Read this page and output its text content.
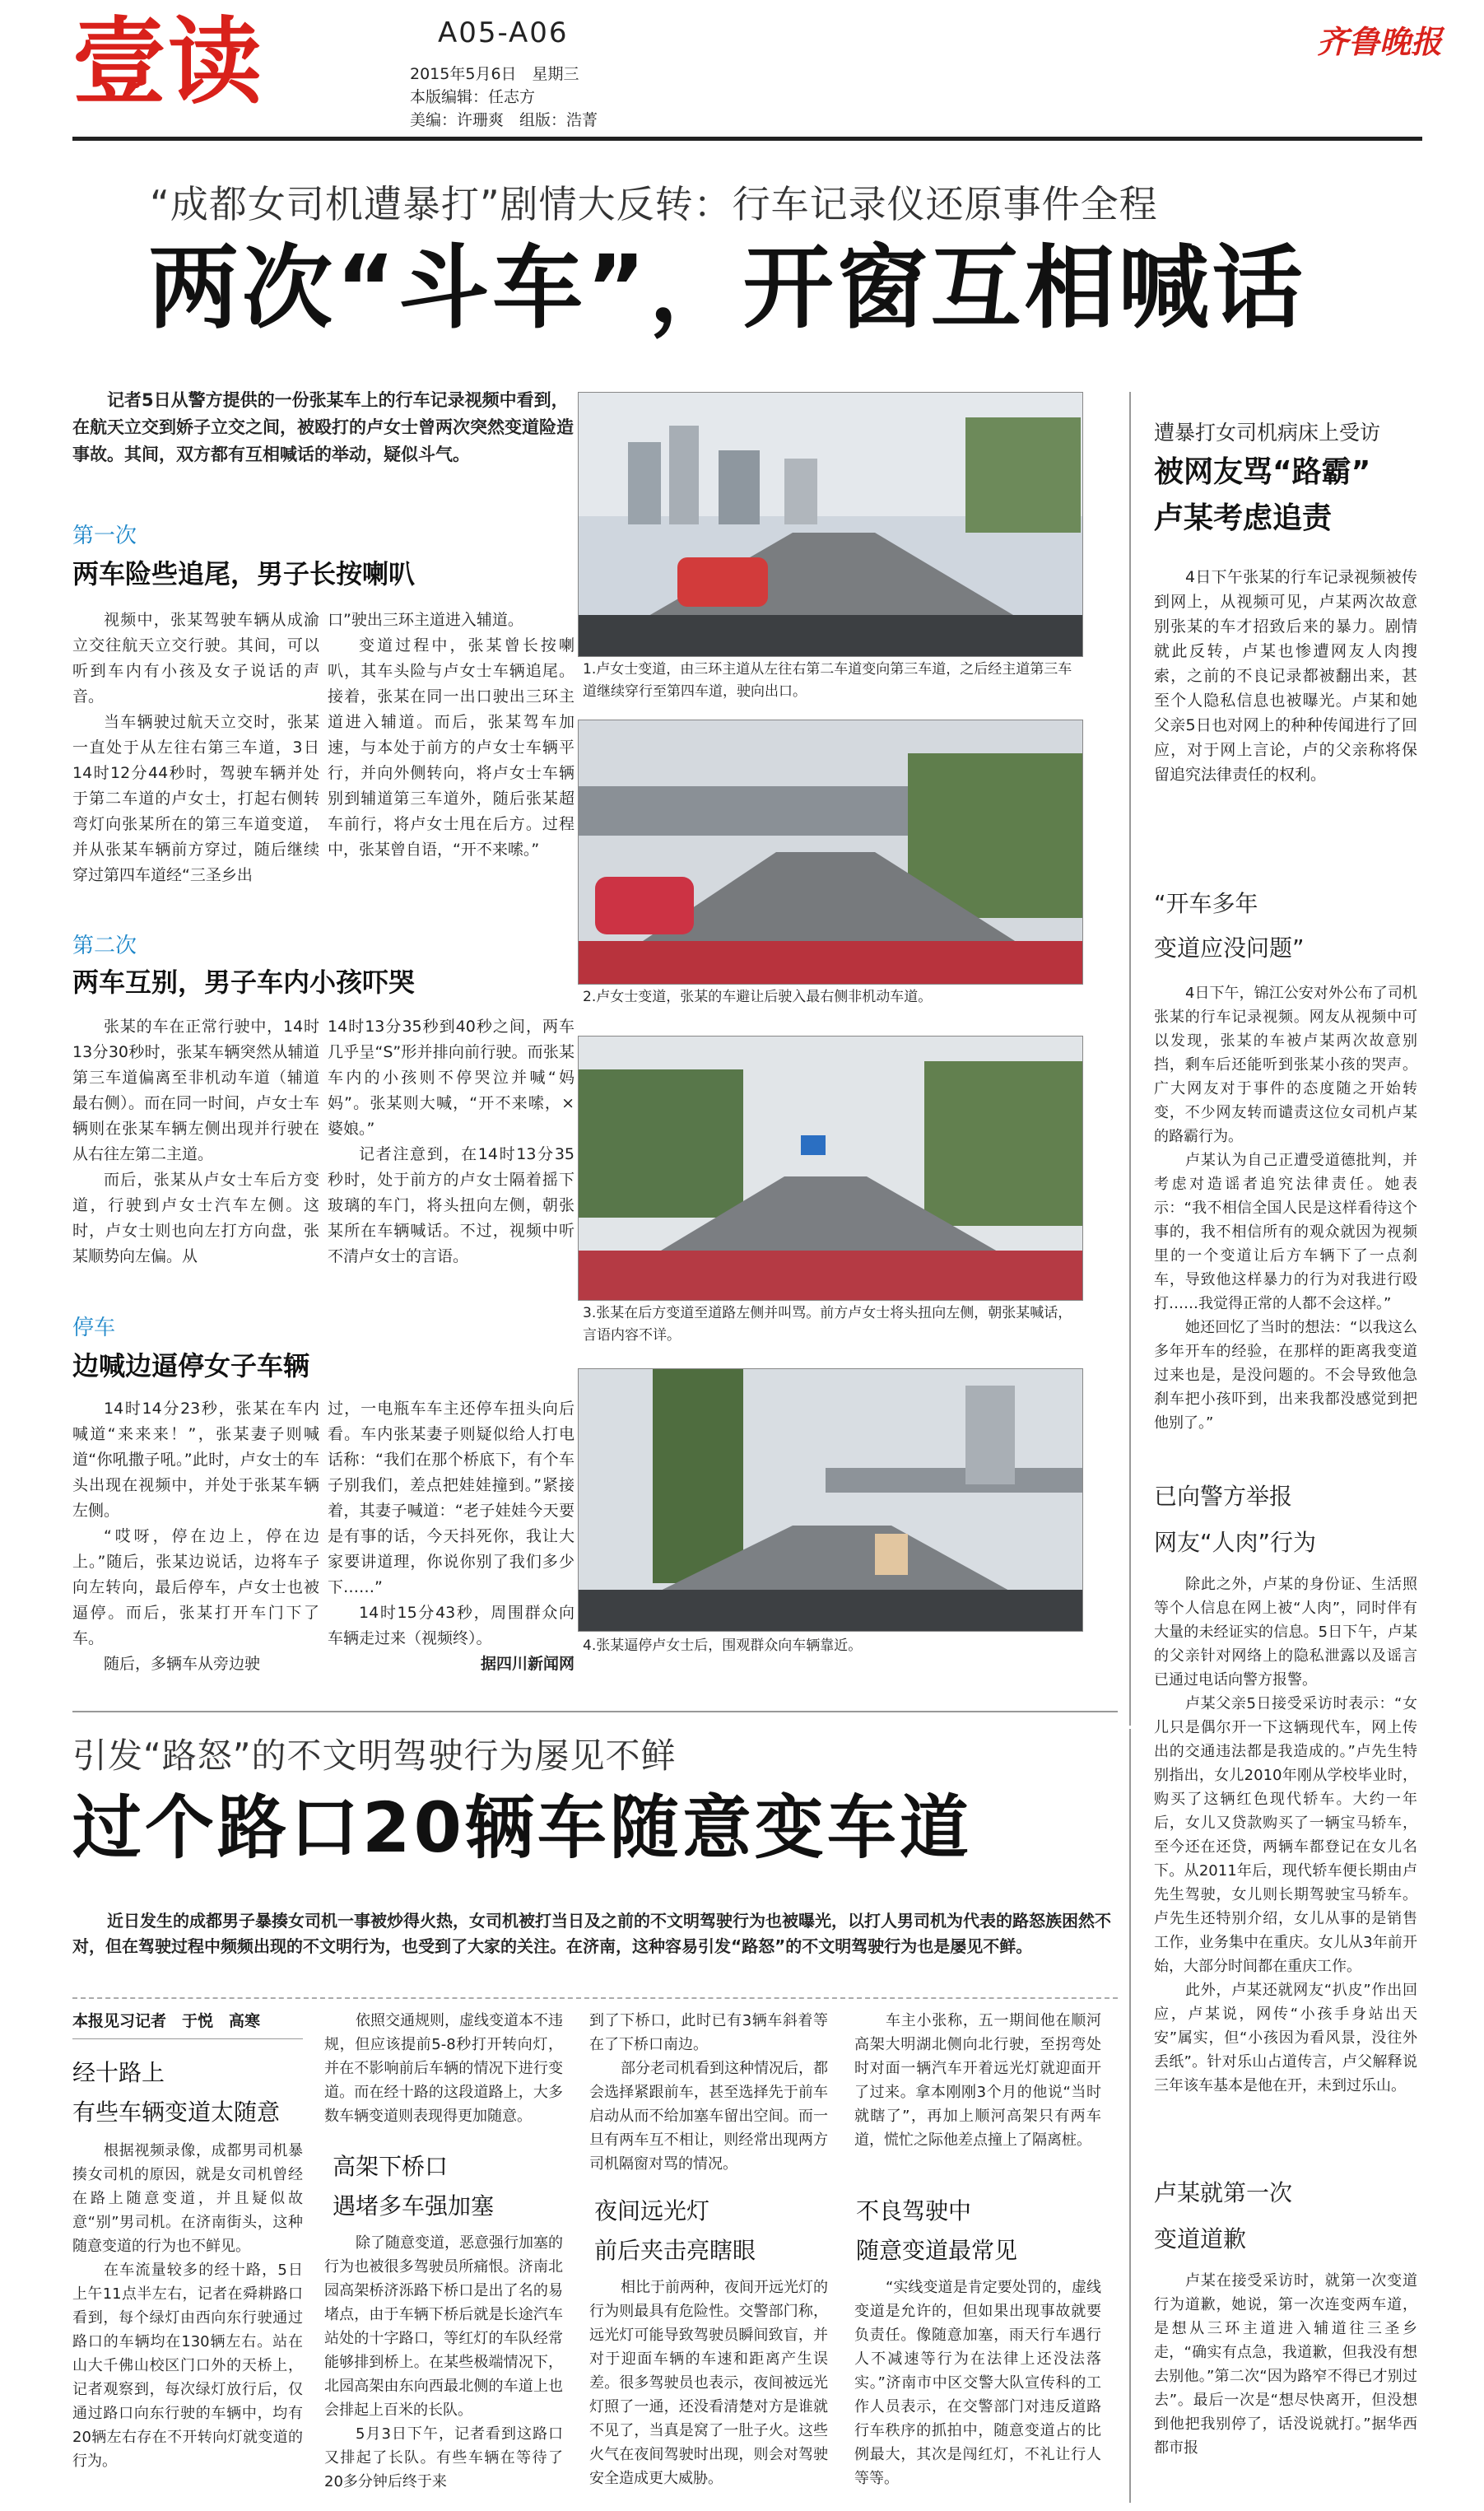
壹读	A05-A06
2015年5月6日　星期三
本版编辑：任志方
美编：许珊爽　组版：浩菁
齐鲁晚报
“成都女司机遭暴打”剧情大反转：行车记录仪还原事件全程
两次“斗车”，开窗互相喊话
记者5日从警方提供的一份张某车上的行车记录视频中看到，在航天立交到娇子立交之间，被殴打的卢女士曾两次突然变道险造事故。其间，双方都有互相喊话的举动，疑似斗气。
第一次
两车险些追尾，男子长按喇叭

视频中，张某驾驶车辆从成渝立交往航天立交行驶。其间，可以听到车内有小孩及女子说话的声音。

当车辆驶过航天立交时，张某一直处于从左往右第三车道，3日14时12分44秒时，驾驶车辆并处于第二车道的卢女士，打起右侧转弯灯向张某所在的第三车道变道，并从张某车辆前方穿过，随后继续穿过第四车道经“三圣乡出

口”驶出三环主道进入辅道。

变道过程中，张某曾长按喇叭，其车头险与卢女士车辆追尾。接着，张某在同一出口驶出三环主道进入辅道。而后，张某驾车加速，与本处于前方的卢女士车辆平行，并向外侧转向，将卢女士车辆别到辅道第三车道外，随后张某超车前行，将卢女士甩在后方。过程中，张某曾自语，“开不来嗦。”

第二次
两车互别，男子车内小孩吓哭

张某的车在正常行驶中，14时13分30秒时，张某车辆突然从辅道第三车道偏离至非机动车道（辅道最右侧）。而在同一时间，卢女士车辆则在张某车辆左侧出现并行驶在从右往左第二主道。

而后，张某从卢女士车后方变道，行驶到卢女士汽车左侧。这时，卢女士则也向左打方向盘，张某顺势向左偏。从

14时13分35秒到40秒之间，两车几乎呈“S”形并排向前行驶。而张某车内的小孩则不停哭泣并喊“妈妈”。张某则大喊，“开不来嗦，×婆娘。”

记者注意到，在14时13分35秒时，处于前方的卢女士隔着摇下玻璃的车门，将头扭向左侧，朝张某所在车辆喊话。不过，视频中听不清卢女士的言语。

停车
边喊边逼停女子车辆

14时14分23秒，张某在车内喊道“来来来！”，张某妻子则喊道“你吼撒子吼。”此时，卢女士的车头出现在视频中，并处于张某车辆左侧。

“哎呀，停在边上，停在边上。”随后，张某边说话，边将车子向左转向，最后停车，卢女士也被逼停。而后，张某打开车门下了车。

随后，多辆车从旁边驶

过，一电瓶车车主还停车扭头向后看。车内张某妻子则疑似给人打电话称：“我们在那个桥底下，有个车子别我们，差点把娃娃撞到。”紧接着，其妻子喊道：“老子娃娃今天要是有事的话，今天抖死你，我让大家要讲道理，你说你别了我们多少下……”

14时15分43秒，周围群众向车辆走过来（视频终）。

据四川新闻网

1.卢女士变道，由三环主道从左往右第二车道变向第三车道，之后经主道第三车道继续穿行至第四车道，驶向出口。
2.卢女士变道，张某的车避让后驶入最右侧非机动车道。
3.张某在后方变道至道路左侧并叫骂。前方卢女士将头扭向左侧，朝张某喊话，言语内容不详。
4.张某逼停卢女士后，围观群众向车辆靠近。
遭暴打女司机病床上受访
被网友骂“路霸”
卢某考虑追责

4日下午张某的行车记录视频被传到网上，从视频可见，卢某两次故意别张某的车才招致后来的暴力。剧情就此反转，卢某也惨遭网友人肉搜索，之前的不良记录都被翻出来，甚至个人隐私信息也被曝光。卢某和她父亲5日也对网上的种种传闻进行了回应，对于网上言论，卢的父亲称将保留追究法律责任的权利。

“开车多年
变道应没问题”

4日下午，锦江公安对外公布了司机张某的行车记录视频。网友从视频中可以发现，张某的车被卢某两次故意别挡，剩车后还能听到张某小孩的哭声。广大网友对于事件的态度随之开始转变，不少网友转而谴责这位女司机卢某的路霸行为。

卢某认为自己正遭受道德批判，并考虑对造谣者追究法律责任。她表示：“我不相信全国人民是这样看待这个事的，我不相信所有的观众就因为视频里的一个变道让后方车辆下了一点刹车，导致他这样暴力的行为对我进行殴打……我觉得正常的人都不会这样。”

她还回忆了当时的想法：“以我这么多年开车的经验，在那样的距离我变道过来也是，是没问题的。不会导致他急刹车把小孩吓到，出来我都没感觉到把他别了。”

已向警方举报
网友“人肉”行为

除此之外，卢某的身份证、生活照等个人信息在网上被“人肉”，同时伴有大量的未经证实的信息。5日下午，卢某的父亲针对网络上的隐私泄露以及谣言已通过电话向警方报警。

卢某父亲5日接受采访时表示：“女儿只是偶尔开一下这辆现代车，网上传出的交通违法都是我造成的。”卢先生特别指出，女儿2010年刚从学校毕业时，购买了这辆红色现代轿车。大约一年后，女儿又贷款购买了一辆宝马轿车，至今还在还贷，两辆车都登记在女儿名下。从2011年后，现代轿车便长期由卢先生驾驶，女儿则长期驾驶宝马轿车。卢先生还特别介绍，女儿从事的是销售工作，业务集中在重庆。女儿从3年前开始，大部分时间都在重庆工作。

此外，卢某还就网友“扒皮”作出回应，卢某说，网传“小孩手身站出天安”属实，但“小孩因为看风景，没往外丢纸”。针对乐山占道传言，卢父解释说三年该车基本是他在开，未到过乐山。

卢某就第一次
变道道歉

卢某在接受采访时，就第一次变道行为道歉，她说，第一次连变两车道，是想从三环主道进入辅道往三圣乡走，“确实有点急，我道歉，但我没有想去别他。”第二次“因为路窄不得已才别过去”。最后一次是“想尽快离开，但没想到他把我别停了，话没说就打。”据华西都市报

引发“路怒”的不文明驾驶行为屡见不鲜
过个路口20辆车随意变车道
近日发生的成都男子暴揍女司机一事被炒得火热，女司机被打当日及之前的不文明驾驶行为也被曝光，以打人男司机为代表的路怒族困然不对，但在驾驶过程中频频出现的不文明行为，也受到了大家的关注。在济南，这种容易引发“路怒”的不文明驾驶行为也是屡见不鲜。
本报见习记者　于悦　高寒
经十路上
有些车辆变道太随意

根据视频录像，成都男司机暴揍女司机的原因，就是女司机曾经在路上随意变道，并且疑似故意“别”男司机。在济南街头，这种随意变道的行为也不鲜见。

在车流量较多的经十路，5日上午11点半左右，记者在舜耕路口看到，每个绿灯由西向东行驶通过路口的车辆均在130辆左右。站在山大千佛山校区门口外的天桥上，记者观察到，每次绿灯放行后，仅通过路口向东行驶的车辆中，均有20辆左右存在不开转向灯就变道的行为。

依照交通规则，虚线变道本不违规，但应该提前5-8秒打开转向灯，并在不影响前后车辆的情况下进行变道。而在经十路的这段道路上，大多数车辆变道则表现得更加随意。

高架下桥口
遇堵多车强加塞

除了随意变道，恶意强行加塞的行为也被很多驾驶员所痛恨。济南北园高架桥济泺路下桥口是出了名的易堵点，由于车辆下桥后就是长途汽车站处的十字路口，等红灯的车队经常能够排到桥上。在某些极端情况下，北园高架由东向西最北侧的车道上也会排起上百米的长队。

5月3日下午，记者看到这路口又排起了长队。有些车辆在等待了20多分钟后终于来

到了下桥口，此时已有3辆车斜着等在了下桥口南边。

部分老司机看到这种情况后，都会选择紧跟前车，甚至选择先于前车启动从而不给加塞车留出空间。而一旦有两车互不相让，则经常出现两方司机隔窗对骂的情况。

夜间远光灯
前后夹击亮瞎眼

相比于前两种，夜间开远光灯的行为则最具有危险性。交警部门称，远光灯可能导致驾驶员瞬间致盲，并对于迎面车辆的车速和距离产生误差。很多驾驶员也表示，夜间被远光灯照了一通，还没看清楚对方是谁就不见了，当真是窝了一肚子火。这些火气在夜间驾驶时出现，则会对驾驶安全造成更大威胁。

车主小张称，五一期间他在顺河高架大明湖北侧向北行驶，至拐弯处时对面一辆汽车开着远光灯就迎面开了过来。拿本刚刚3个月的他说“当时就瞎了”，再加上顺河高架只有两车道，慌忙之际他差点撞上了隔离桩。

不良驾驶中
随意变道最常见

“实线变道是肯定要处罚的，虚线变道是允许的，但如果出现事故就要负责任。像随意加塞，雨天行车遇行人不减速等行为在法律上还没法落实。”济南市中区交警大队宣传科的工作人员表示，在交警部门对违反道路行车秩序的抓拍中，随意变道占的比例最大，其次是闯红灯，不礼让行人等等。
